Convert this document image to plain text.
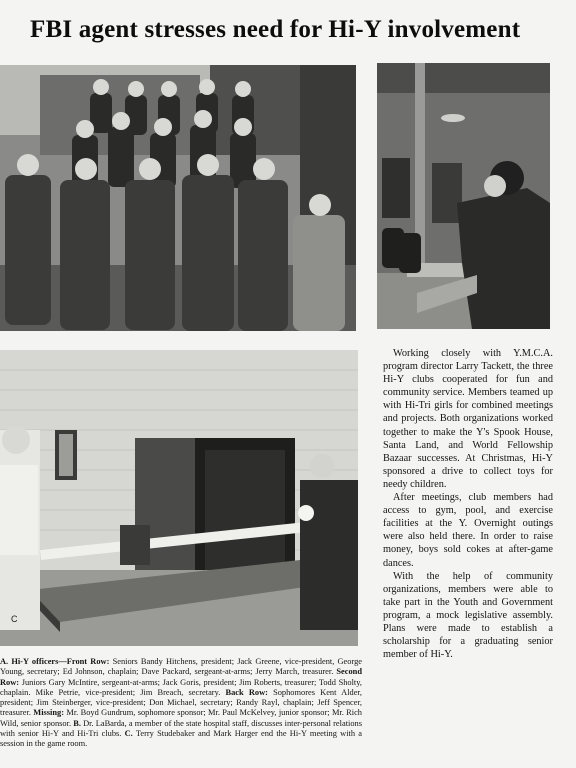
FBI agent stresses need for Hi-Y involvement
C
A. Hi-Y officers—Front Row: Seniors Bandy Hitchens, president; Jack Greene, vice-president, George Young, secretary; Ed Johnson, chaplain; Dave Packard, sergeant-at-arms; Jerry March, treasurer. Second Row: Juniors Gary McIntire, sergeant-at-arms; Jack Goris, president; Jim Roberts, treasurer; Todd Sholty, chaplain. Mike Petrie, vice-president; Jim Breach, secretary. Back Row: Sophomores Kent Alder, president; Jim Steinberger, vice-president; Don Michael, secretary; Randy Rayl, chaplain; Jeff Spencer, treasurer. Missing: Mr. Boyd Gundrum, sophomore sponsor; Mr. Paul McKelvey, junior sponsor; Mr. Rich Wild, senior sponsor. B. Dr. LaBarda, a member of the state hospital staff, discusses inter-personal relations with senior Hi-Y and Hi-Tri clubs. C. Terry Studebaker and Mark Harger end the Hi-Y meeting with a session in the game room.

Working closely with Y.M.C.A. program director Larry Tackett, the three Hi-Y clubs cooperated for fun and community service. Members teamed up with Hi-Tri girls for combined meetings and projects. Both organizations worked together to make the Y's Spook House, Santa Land, and World Fellowship Bazaar successes. At Christmas, Hi-Y sponsored a drive to collect toys for needy children.

After meetings, club members had access to gym, pool, and exercise facilities at the Y. Overnight outings were also held there. In order to raise money, boys sold cokes at after-game dances.

With the help of community organizations, members were able to take part in the Youth and Government program, a mock legislative assembly. Plans were made to establish a scholarship for a graduating senior member of Hi-Y.
